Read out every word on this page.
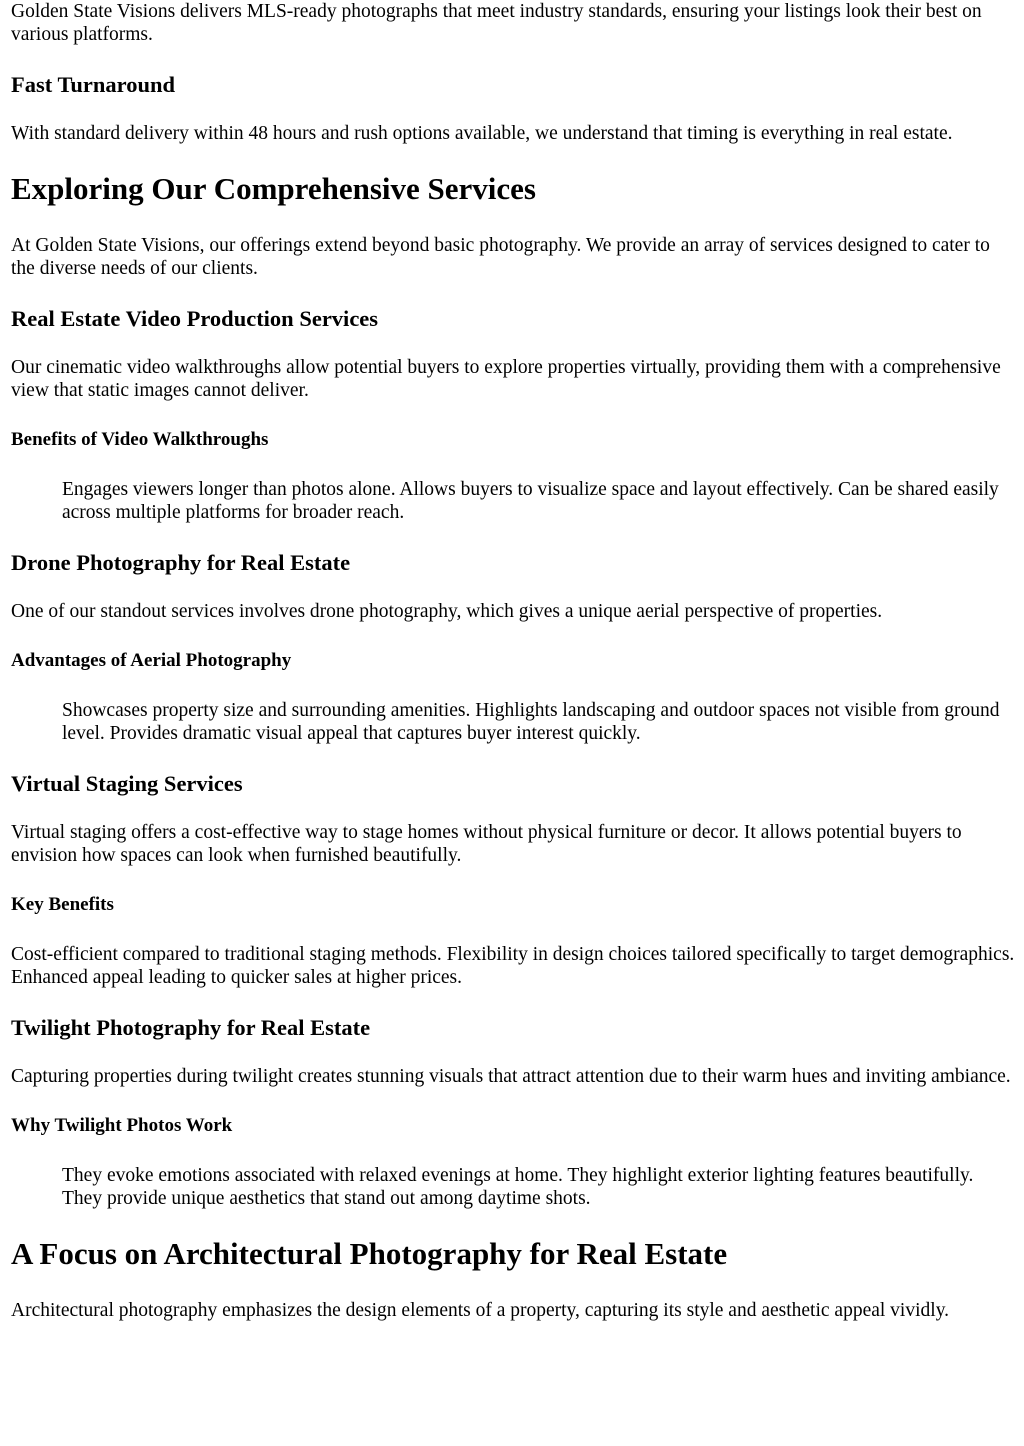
Golden State Visions delivers MLS-ready photographs that meet industry standards, ensuring your listings look their best on various platforms.

Fast Turnaround

With standard delivery within 48 hours and rush options available, we understand that timing is everything in real estate.

Exploring Our Comprehensive Services

At Golden State Visions, our offerings extend beyond basic photography. We provide an array of services designed to cater to the diverse needs of our clients.

Real Estate Video Production Services

Our cinematic video walkthroughs allow potential buyers to explore properties virtually, providing them with a comprehensive view that static images cannot deliver.

Benefits of Video Walkthroughs
Engages viewers longer than photos alone. Allows buyers to visualize space and layout effectively. Can be shared easily across multiple platforms for broader reach.
Drone Photography for Real Estate

One of our standout services involves drone photography, which gives a unique aerial perspective of properties.

Advantages of Aerial Photography
Showcases property size and surrounding amenities. Highlights landscaping and outdoor spaces not visible from ground level. Provides dramatic visual appeal that captures buyer interest quickly.
Virtual Staging Services

Virtual staging offers a cost-effective way to stage homes without physical furniture or decor. It allows potential buyers to envision how spaces can look when furnished beautifully.

Key Benefits

Cost-efficient compared to traditional staging methods. Flexibility in design choices tailored specifically to target demographics. Enhanced appeal leading to quicker sales at higher prices.

Twilight Photography for Real Estate

Capturing properties during twilight creates stunning visuals that attract attention due to their warm hues and inviting ambiance.

Why Twilight Photos Work
They evoke emotions associated with relaxed evenings at home. They highlight exterior lighting features beautifully. They provide unique aesthetics that stand out among daytime shots.
A Focus on Architectural Photography for Real Estate

Architectural photography emphasizes the design elements of a property, capturing its style and aesthetic appeal vividly.
